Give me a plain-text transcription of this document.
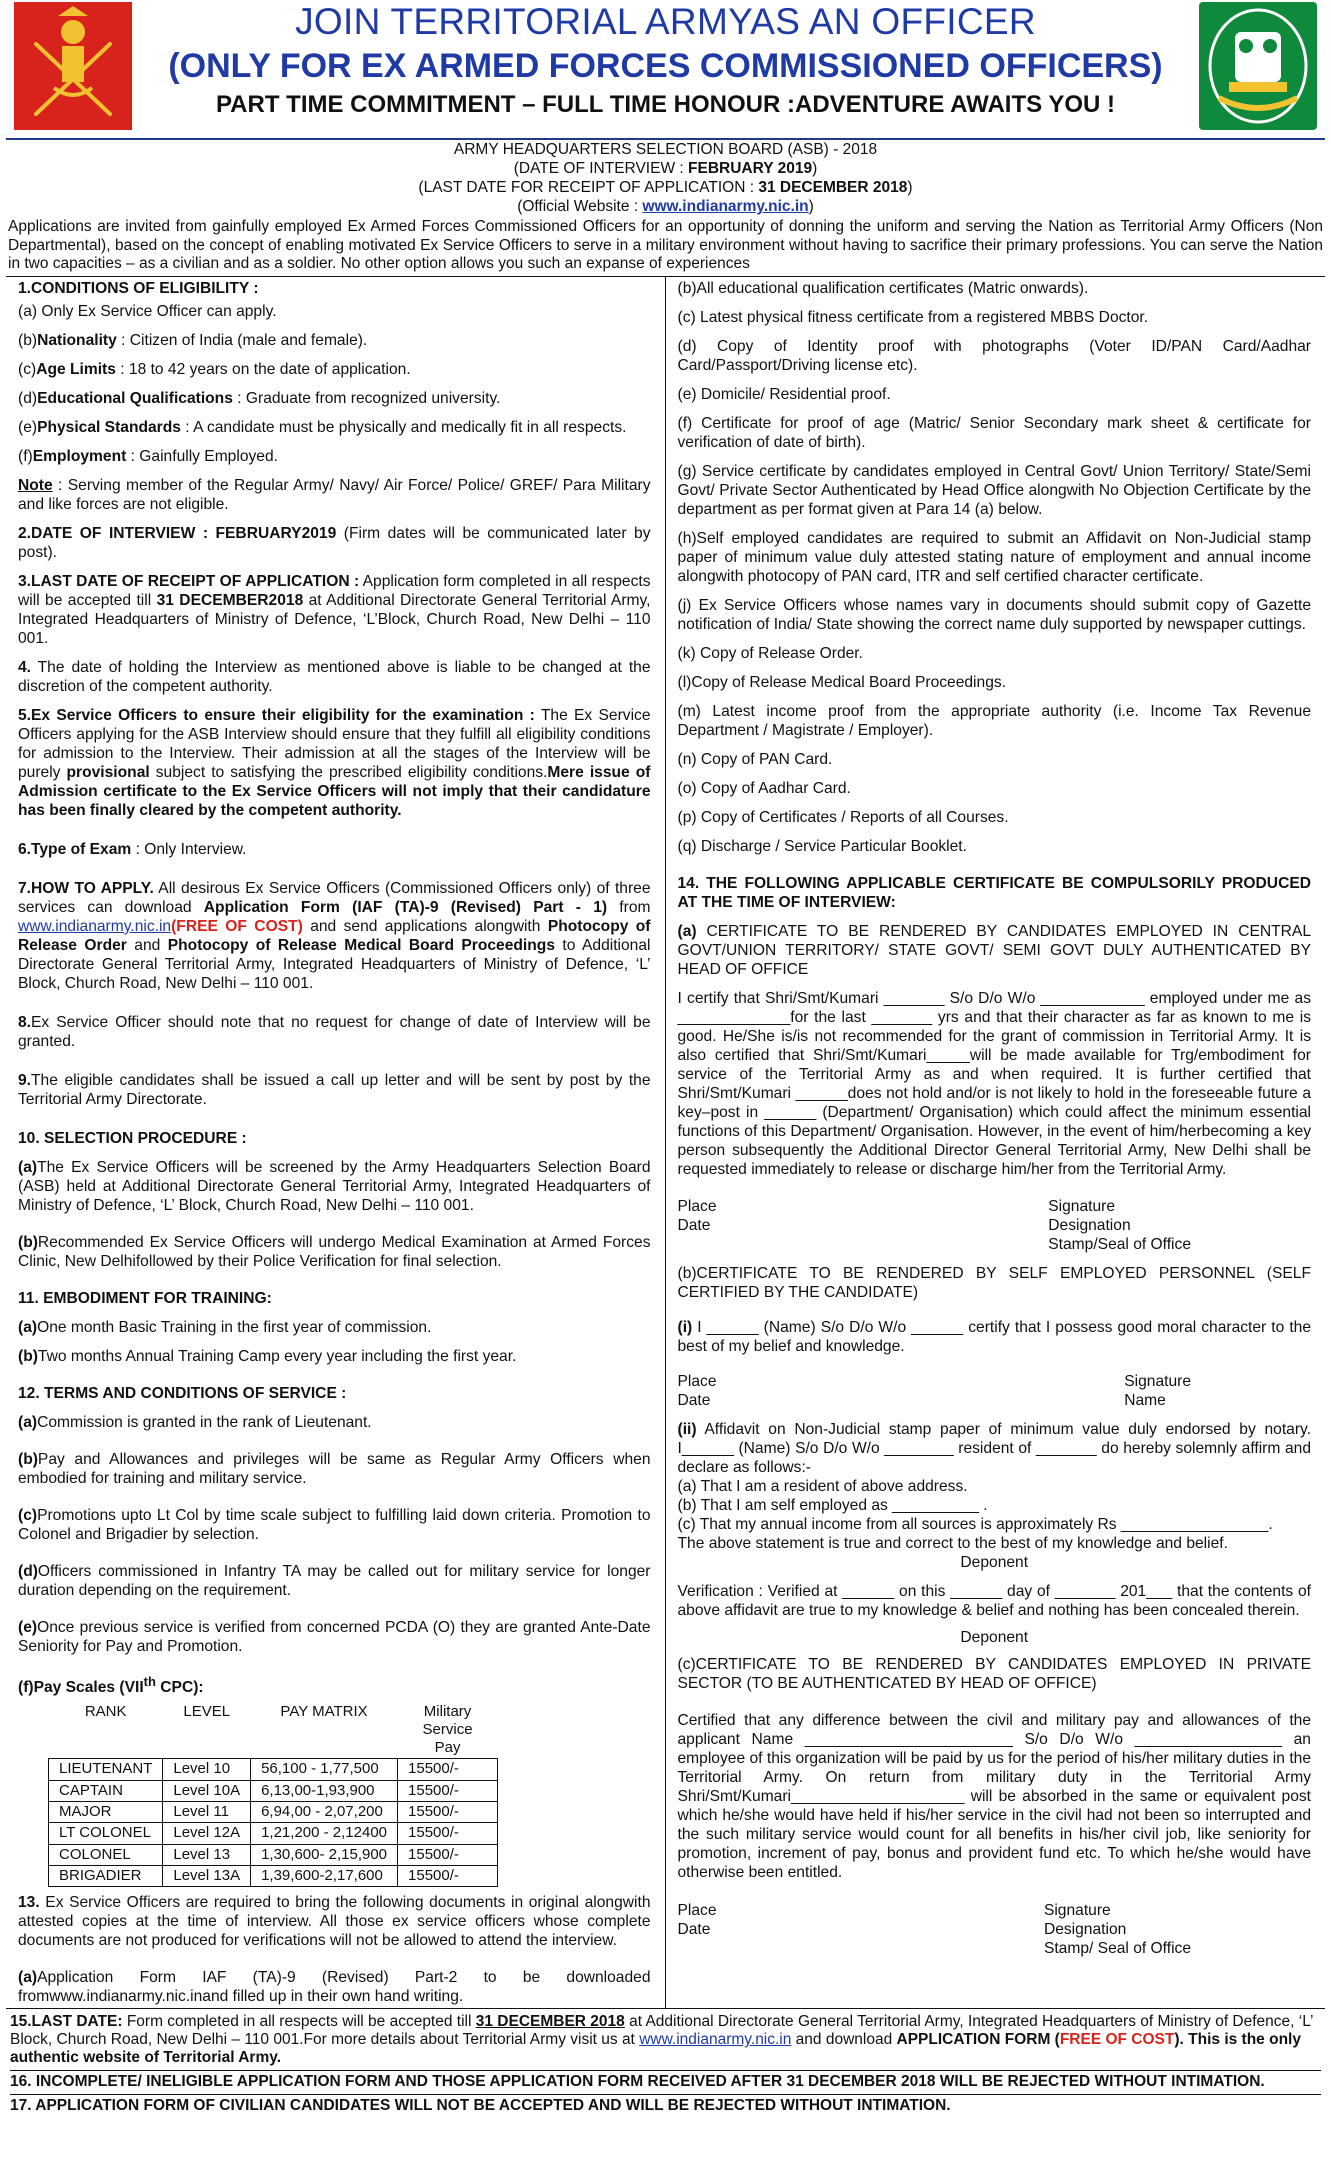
JOIN TERRITORIAL ARMYAS AN OFFICER
(ONLY FOR EX ARMED FORCES COMMISSIONED OFFICERS)
PART TIME COMMITMENT – FULL TIME HONOUR :ADVENTURE AWAITS YOU !
ARMY HEADQUARTERS SELECTION BOARD (ASB) - 2018
(DATE OF INTERVIEW : FEBRUARY 2019)
(LAST DATE FOR RECEIPT OF APPLICATION : 31 DECEMBER 2018)
(Official Website : www.indianarmy.nic.in)
Applications are invited from gainfully employed Ex Armed Forces Commissioned Officers for an opportunity of donning the uniform and serving the Nation as Territorial Army Officers (Non Departmental), based on the concept of enabling motivated Ex Service Officers to serve in a military environment without having to sacrifice their primary professions. You can serve the Nation in two capacities – as a civilian and as a soldier. No other option allows you such an expanse of experiences

1.CONDITIONS OF ELIGIBILITY :

(a) Only Ex Service Officer can apply.

(b)Nationality : Citizen of India (male and female).

(c)Age Limits : 18 to 42 years on the date of application.

(d)Educational Qualifications : Graduate from recognized university.

(e)Physical Standards : A candidate must be physically and medically fit in all respects.

(f)Employment : Gainfully Employed.

Note : Serving member of the Regular Army/ Navy/ Air Force/ Police/ GREF/ Para Military and like forces are not eligible.

2.DATE OF INTERVIEW : FEBRUARY2019 (Firm dates will be communicated later by post).

3.LAST DATE OF RECEIPT OF APPLICATION : Application form completed in all respects will be accepted till 31 DECEMBER2018 at Additional Directorate General Territorial Army, Integrated Headquarters of Ministry of Defence, ‘L’Block, Church Road, New Delhi – 110 001.

4. The date of holding the Interview as mentioned above is liable to be changed at the discretion of the competent authority.

5.Ex Service Officers to ensure their eligibility for the examination : The Ex Service Officers applying for the ASB Interview should ensure that they fulfill all eligibility conditions for admission to the Interview. Their admission at all the stages of the Interview will be purely provisional subject to satisfying the prescribed eligibility conditions.Mere issue of Admission certificate to the Ex Service Officers will not imply that their candidature has been finally cleared by the competent authority.

6.Type of Exam : Only Interview.

7.HOW TO APPLY. All desirous Ex Service Officers (Commissioned Officers only) of three services can download Application Form (IAF (TA)-9 (Revised) Part - 1) from www.indianarmy.nic.in(FREE OF COST) and send applications alongwith Photocopy of Release Order and Photocopy of Release Medical Board Proceedings to Additional Directorate General Territorial Army, Integrated Headquarters of Ministry of Defence, ‘L’ Block, Church Road, New Delhi – 110 001.

8.Ex Service Officer should note that no request for change of date of Interview will be granted.

9.The eligible candidates shall be issued a call up letter and will be sent by post by the Territorial Army Directorate.

10. SELECTION PROCEDURE :

(a)The Ex Service Officers will be screened by the Army Headquarters Selection Board (ASB) held at Additional Directorate General Territorial Army, Integrated Headquarters of Ministry of Defence, ‘L’ Block, Church Road, New Delhi – 110 001.

(b)Recommended Ex Service Officers will undergo Medical Examination at Armed Forces Clinic, New Delhifollowed by their Police Verification for final selection.

11. EMBODIMENT FOR TRAINING:

(a)One month Basic Training in the first year of commission.

(b)Two months Annual Training Camp every year including the first year.

12. TERMS AND CONDITIONS OF SERVICE :

(a)Commission is granted in the rank of Lieutenant.

(b)Pay and Allowances and privileges will be same as Regular Army Officers when embodied for training and military service.

(c)Promotions upto Lt Col by time scale subject to fulfilling laid down criteria. Promotion to Colonel and Brigadier by selection.

(d)Officers commissioned in Infantry TA may be called out for military service for longer duration depending on the requirement.

(e)Once previous service is verified from concerned PCDA (O) they are granted Ante-Date Seniority for Pay and Promotion.

(f)Pay Scales (VIIth CPC):

RANK	LEVEL	PAY MATRIX	Military Service Pay
LIEUTENANT	Level 10	56,100 - 1,77,500	15500/-
CAPTAIN	Level 10A	6,13,00-1,93,900	15500/-
MAJOR	Level 11	6,94,00 - 2,07,200	15500/-
LT COLONEL	Level 12A	1,21,200 - 2,12400	15500/-
COLONEL	Level 13	1,30,600- 2,15,900	15500/-
BRIGADIER	Level 13A	1,39,600-2,17,600	15500/-

13. Ex Service Officers are required to bring the following documents in original alongwith attested copies at the time of interview. All those ex service officers whose complete documents are not produced for verifications will not be allowed to attend the interview.

(a)Application Form IAF (TA)-9 (Revised) Part-2 to be downloaded fromwww.indianarmy.nic.inand filled up in their own hand writing.

(b)All educational qualification certificates (Matric onwards).

(c) Latest physical fitness certificate from a registered MBBS Doctor.

(d) Copy of Identity proof with photographs (Voter ID/PAN Card/Aadhar Card/Passport/Driving license etc).

(e) Domicile/ Residential proof.

(f) Certificate for proof of age (Matric/ Senior Secondary mark sheet & certificate for verification of date of birth).

(g) Service certificate by candidates employed in Central Govt/ Union Territory/ State/Semi Govt/ Private Sector Authenticated by Head Office alongwith No Objection Certificate by the department as per format given at Para 14 (a) below.

(h)Self employed candidates are required to submit an Affidavit on Non-Judicial stamp paper of minimum value duly attested stating nature of employment and annual income alongwith photocopy of PAN card, ITR and self certified character certificate.

(j) Ex Service Officers whose names vary in documents should submit copy of Gazette notification of India/ State showing the correct name duly supported by newspaper cuttings.

(k) Copy of Release Order.

(l)Copy of Release Medical Board Proceedings.

(m) Latest income proof from the appropriate authority (i.e. Income Tax Revenue Department / Magistrate / Employer).

(n) Copy of PAN Card.

(o) Copy of Aadhar Card.

(p) Copy of Certificates / Reports of all Courses.

(q) Discharge / Service Particular Booklet.

14. THE FOLLOWING APPLICABLE CERTIFICATE BE COMPULSORILY PRODUCED AT THE TIME OF INTERVIEW:

(a) CERTIFICATE TO BE RENDERED BY CANDIDATES EMPLOYED IN CENTRAL GOVT/UNION TERRITORY/ STATE GOVT/ SEMI GOVT DULY AUTHENTICATED BY HEAD OF OFFICE

I certify that Shri/Smt/Kumari _______ S/o D/o W/o ____________ employed under me as _____________for the last _______ yrs and that their character as far as known to me is good. He/She is/is not recommended for the grant of commission in Territorial Army. It is also certified that Shri/Smt/Kumari_____will be made available for Trg/embodiment for service of the Territorial Army as and when required. It is further certified that Shri/Smt/Kumari ______does not hold and/or is not likely to hold in the foreseeable future a key–post in ______ (Department/ Organisation) which could affect the minimum essential functions of this Department/ Organisation. However, in the event of him/herbecoming a key person subsequently the Additional Director General Territorial Army, New Delhi shall be requested immediately to release or discharge him/her from the Territorial Army.

Place
Date
Signature
Designation
Stamp/Seal of Office

(b)CERTIFICATE TO BE RENDERED BY SELF EMPLOYED PERSONNEL (SELF CERTIFIED BY THE CANDIDATE)

(i) I ______ (Name) S/o D/o W/o ______ certify that I possess good moral character to the best of my belief and knowledge.

Place
Date
Signature
Name

(ii) Affidavit on Non-Judicial stamp paper of minimum value duly endorsed by notary. I______ (Name) S/o D/o W/o ________ resident of _______ do hereby solemnly affirm and declare as follows:-

(a) That I am a resident of above address.

(b) That I am self employed as __________ .

(c) That my annual income from all sources is approximately Rs _________________.

The above statement is true and correct to the best of my knowledge and belief.

Deponent

Verification : Verified at ______ on this ______ day of _______ 201___ that the contents of above affidavit are true to my knowledge & belief and nothing has been concealed therein.

Deponent

(c)CERTIFICATE TO BE RENDERED BY CANDIDATES EMPLOYED IN PRIVATE SECTOR (TO BE AUTHENTICATED BY HEAD OF OFFICE)

Certified that any difference between the civil and military pay and allowances of the applicant Name ________________________ S/o D/o W/o _________________ an employee of this organization will be paid by us for the period of his/her military duties in the Territorial Army. On return from military duty in the Territorial Army Shri/Smt/Kumari____________________ will be absorbed in the same or equivalent post which he/she would have held if his/her service in the civil had not been so interrupted and the such military service would count for all benefits in his/her civil job, like seniority for promotion, increment of pay, bonus and provident fund etc. To which he/she would have otherwise been entitled.

Place
Date
Signature
Designation
Stamp/ Seal of Office

15.LAST DATE: Form completed in all respects will be accepted till 31 DECEMBER 2018 at Additional Directorate General Territorial Army, Integrated Headquarters of Ministry of Defence, ‘L’ Block, Church Road, New Delhi – 110 001.For more details about Territorial Army visit us at www.indianarmy.nic.in and download APPLICATION FORM (FREE OF COST). This is the only authentic website of Territorial Army.

16. INCOMPLETE/ INELIGIBLE APPLICATION FORM AND THOSE APPLICATION FORM RECEIVED AFTER 31 DECEMBER 2018 WILL BE REJECTED WITHOUT INTIMATION.

17. APPLICATION FORM OF CIVILIAN CANDIDATES WILL NOT BE ACCEPTED AND WILL BE REJECTED WITHOUT INTIMATION.
